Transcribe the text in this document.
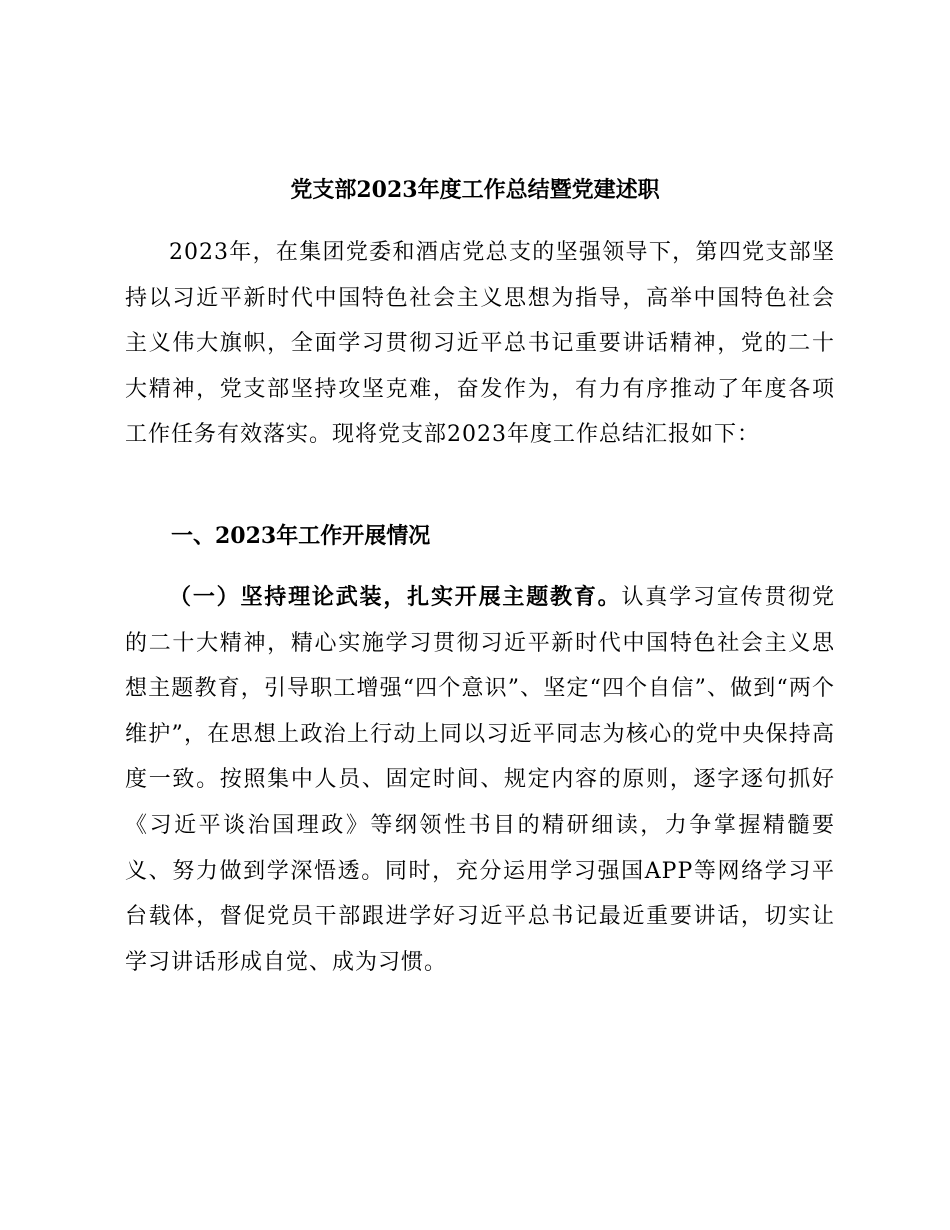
党支部2023年度工作总结暨党建述职

2023年，在集团党委和酒店党总支的坚强领导下，第四党支部坚持以习近平新时代中国特色社会主义思想为指导，高举中国特色社会主义伟大旗帜，全面学习贯彻习近平总书记重要讲话精神，党的二十大精神，党支部坚持攻坚克难，奋发作为，有力有序推动了年度各项工作任务有效落实。现将党支部2023年度工作总结汇报如下：

一、2023年工作开展情况

（一）坚持理论武装，扎实开展主题教育。认真学习宣传贯彻党的二十大精神，精心实施学习贯彻习近平新时代中国特色社会主义思想主题教育，引导职工增强“四个意识”、坚定“四个自信”、做到“两个维护”，在思想上政治上行动上同以习近平同志为核心的党中央保持高度一致。按照集中人员、固定时间、规定内容的原则，逐字逐句抓好《习近平谈治国理政》等纲领性书目的精研细读，力争掌握精髓要义、努力做到学深悟透。同时，充分运用学习强国APP等网络学习平台载体，督促党员干部跟进学好习近平总书记最近重要讲话，切实让学习讲话形成自觉、成为习惯。
